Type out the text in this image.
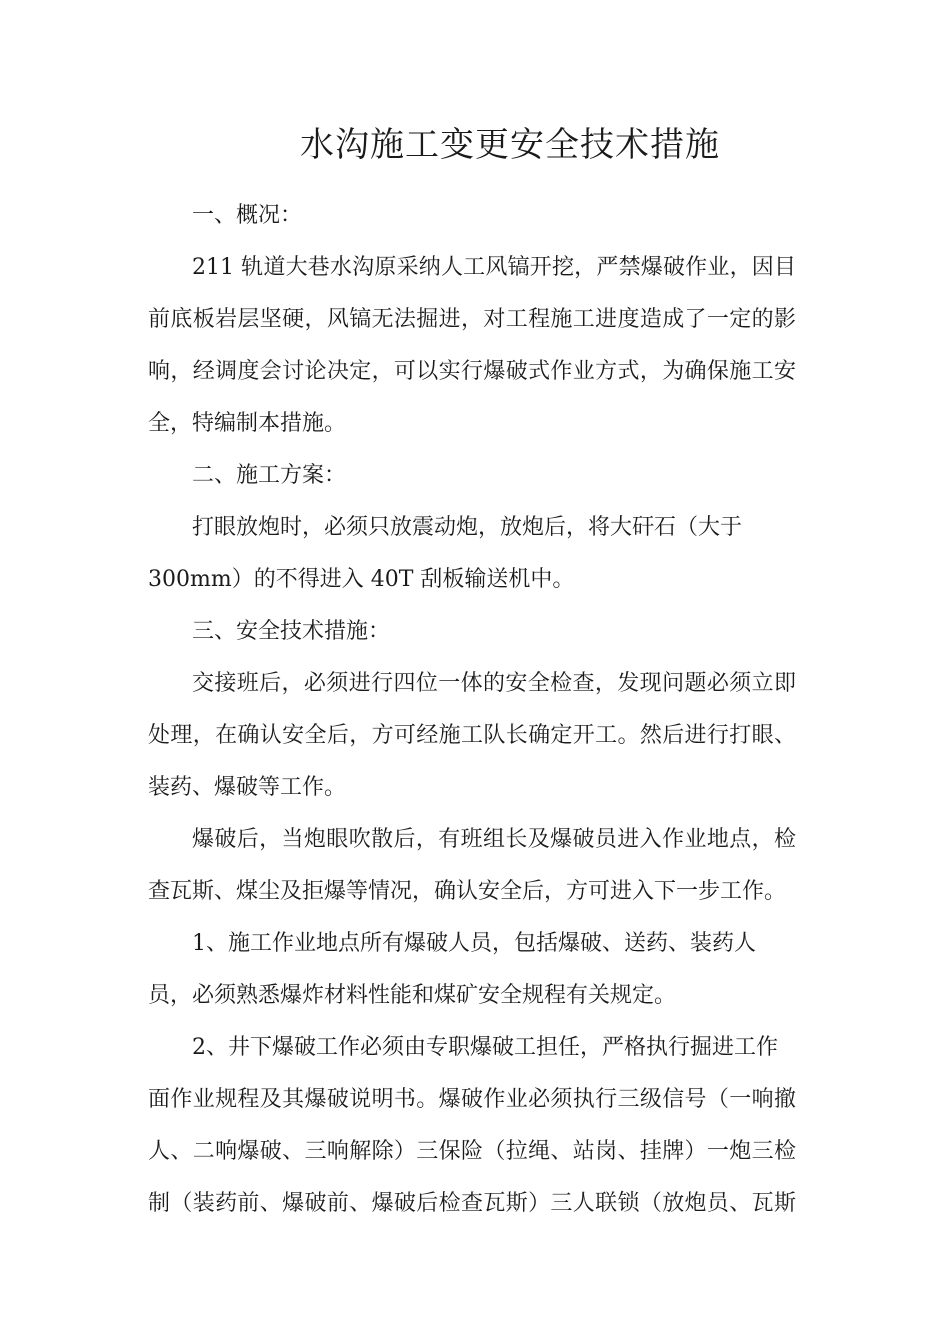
水沟施工变更安全技术措施
一、概况：
211 轨道大巷水沟原采纳人工风镐开挖，严禁爆破作业，因目
前底板岩层坚硬，风镐无法掘进，对工程施工进度造成了一定的影
响，经调度会讨论决定，可以实行爆破式作业方式，为确保施工安
全，特编制本措施。
二、施工方案：
打眼放炮时，必须只放震动炮，放炮后，将大矸石（大于
300mm）的不得进入 40T 刮板输送机中。
三、安全技术措施：
交接班后，必须进行四位一体的安全检查，发现问题必须立即
处理，在确认安全后，方可经施工队长确定开工。然后进行打眼、
装药、爆破等工作。
爆破后，当炮眼吹散后，有班组长及爆破员进入作业地点，检
查瓦斯、煤尘及拒爆等情况，确认安全后，方可进入下一步工作。
1、施工作业地点所有爆破人员，包括爆破、送药、装药人
员，必须熟悉爆炸材料性能和煤矿安全规程有关规定。
2、井下爆破工作必须由专职爆破工担任，严格执行掘进工作
面作业规程及其爆破说明书。爆破作业必须执行三级信号（一响撤
人、二响爆破、三响解除）三保险（拉绳、站岗、挂牌）一炮三检
制（装药前、爆破前、爆破后检查瓦斯）三人联锁（放炮员、瓦斯
